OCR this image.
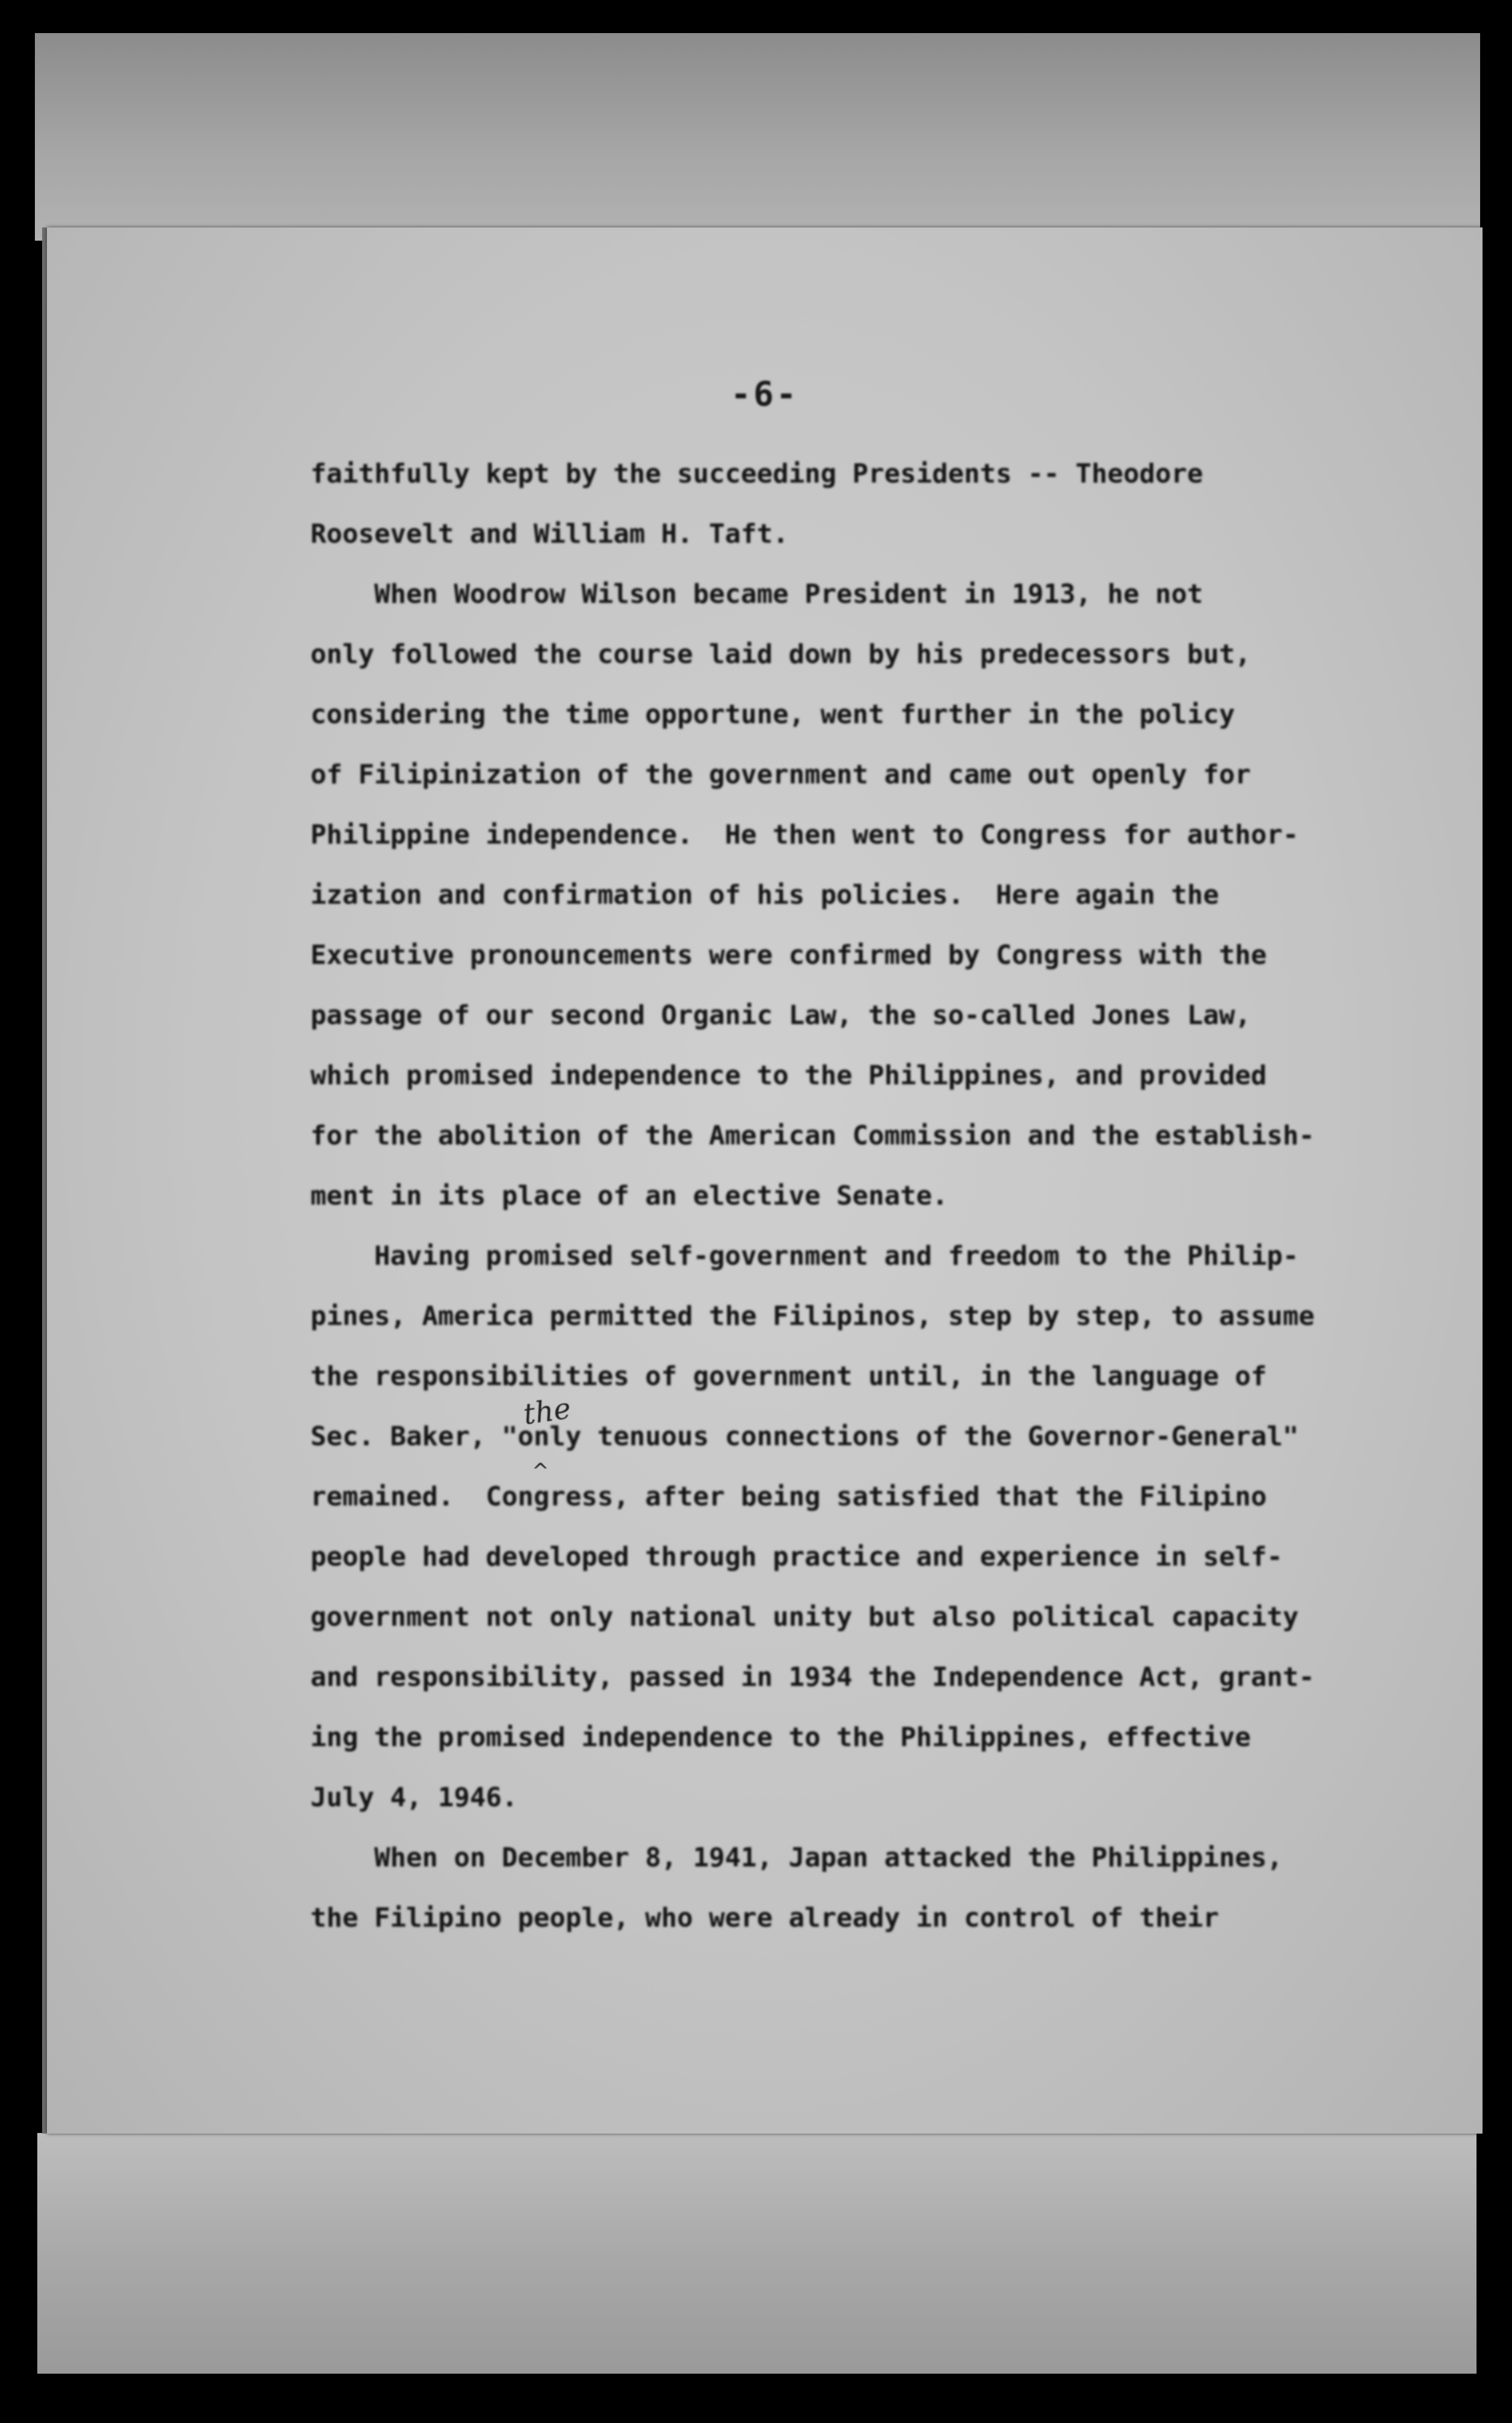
-6-
faithfully kept by the succeeding Presidents -- Theodore
Roosevelt and William H. Taft.
When Woodrow Wilson became President in 1913, he not
only followed the course laid down by his predecessors but,
considering the time opportune, went further in the policy
of Filipinization of the government and came out openly for
Philippine independence.  He then went to Congress for author-
ization and confirmation of his policies.  Here again the
Executive pronouncements were confirmed by Congress with the
passage of our second Organic Law, the so-called Jones Law,
which promised independence to the Philippines, and provided
for the abolition of the American Commission and the establish-
ment in its place of an elective Senate.
Having promised self-government and freedom to the Philip-
pines, America permitted the Filipinos, step by step, to assume
the responsibilities of government until, in the language of
Sec. Baker, "only tenuous connections of the Governor-General"
remained.  Congress, after being satisfied that the Filipino
people had developed through practice and experience in self-
government not only national unity but also political capacity
and responsibility, passed in 1934 the Independence Act, grant-
ing the promised independence to the Philippines, effective
July 4, 1946.
When on December 8, 1941, Japan attacked the Philippines,
the Filipino people, who were already in control of their
the
^
